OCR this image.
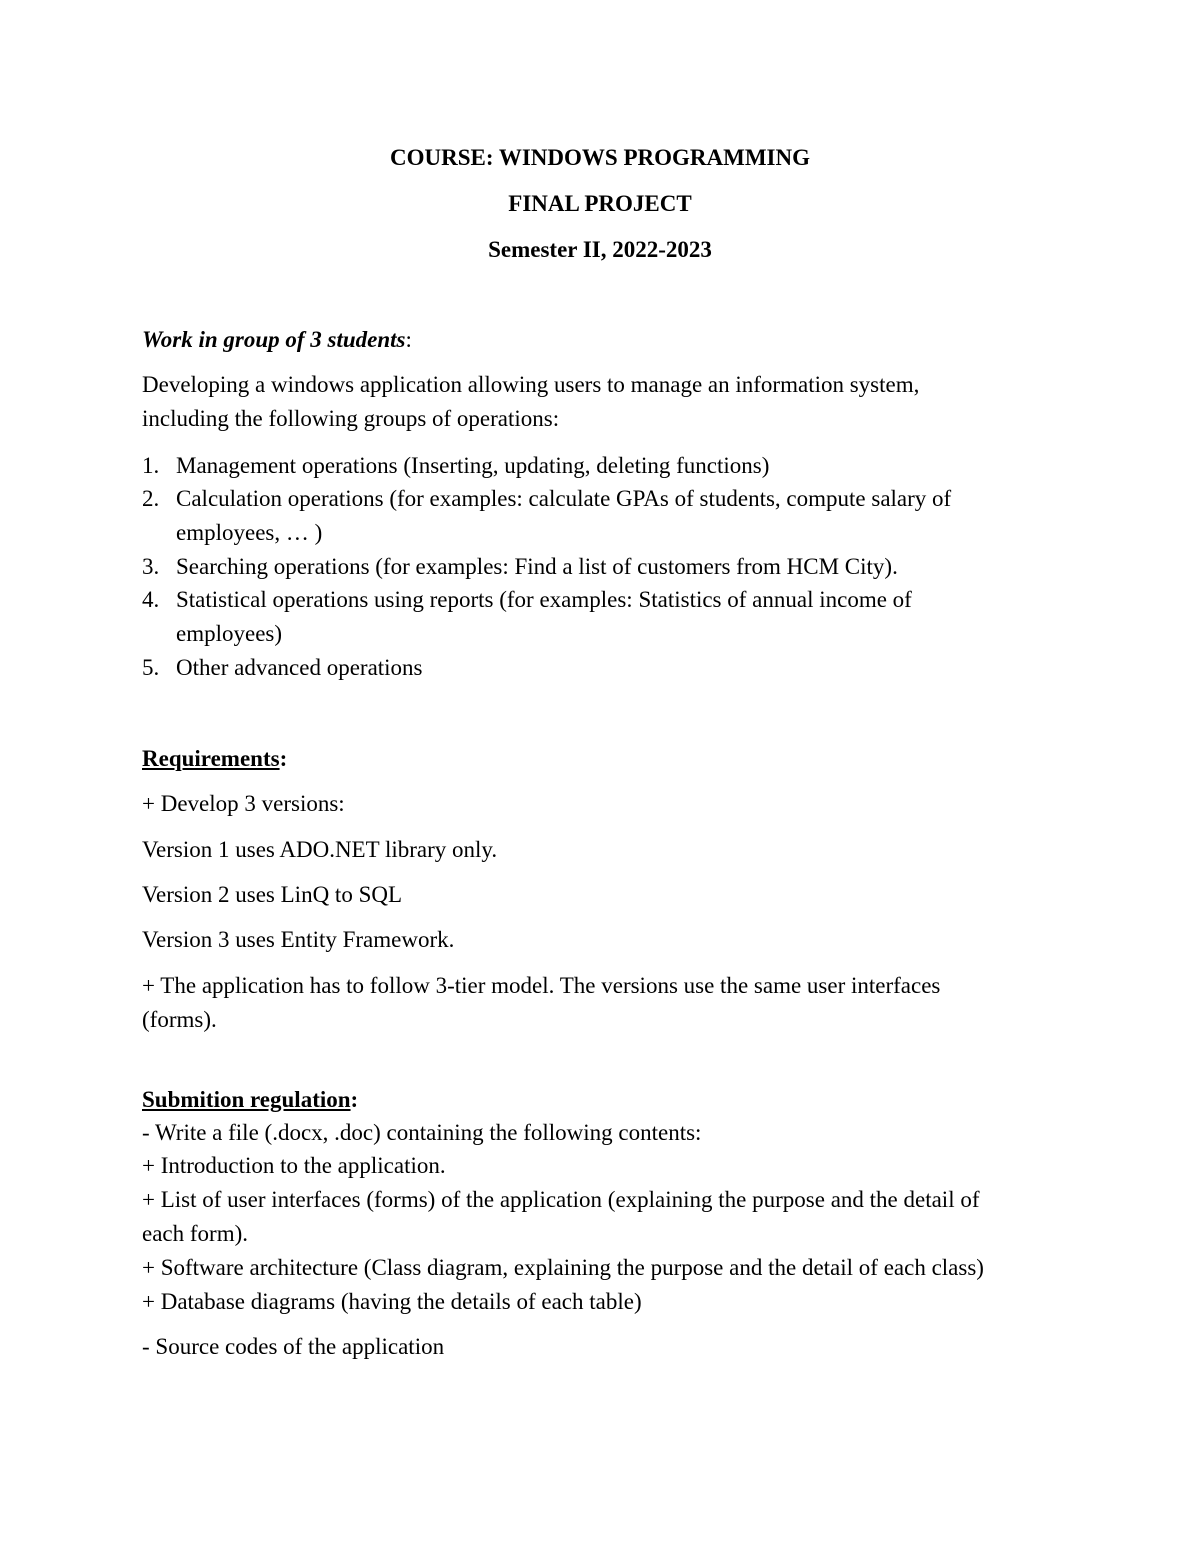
COURSE: WINDOWS PROGRAMMING
FINAL PROJECT
Semester II, 2022-2023
Work in group of 3 students:
Developing a windows application allowing users to manage an information system,
including the following groups of operations:
1. Management operations (Inserting, updating, deleting functions)
2. Calculation operations (for examples: calculate GPAs of students, compute salary of
employees, … )
3. Searching operations (for examples: Find a list of customers from HCM City).
4. Statistical operations using reports (for examples: Statistics of annual income of
employees)
5. Other advanced operations
Requirements:
+ Develop 3 versions:
Version 1 uses ADO.NET library only.
Version 2 uses LinQ to SQL
Version 3 uses Entity Framework.
+ The application has to follow 3-tier model. The versions use the same user interfaces
(forms).
Submition regulation:
- Write a file (.docx, .doc) containing the following contents:
+ Introduction to the application.
+ List of user interfaces (forms) of the application (explaining the purpose and the detail of
each form).
+ Software architecture (Class diagram, explaining the purpose and the detail of each class)
+ Database diagrams (having the details of each table)
- Source codes of the application
